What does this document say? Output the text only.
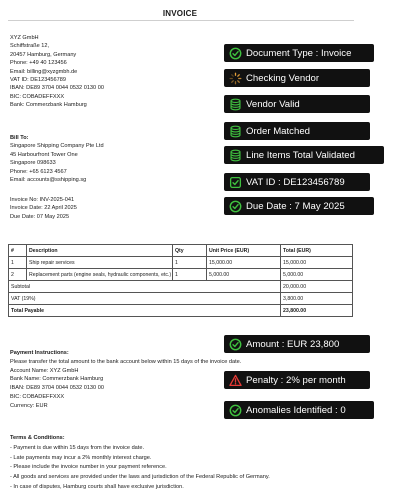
INVOICE
XYZ GmbH
Schiffstraße 12,
20457 Hamburg, Germany
Phone: +49 40 123456
Email: billing@xyzgmbh.de
VAT ID: DE123456789
IBAN: DE89 3704 0044 0532 0130 00
BIC: COBADEFFXXX
Bank: Commerzbank Hamburg
Bill To:
Singapore Shipping Company Pte Ltd
45 Harbourfront Tower One
Singapore 098633
Phone: +65 6123 4567
Email: accounts@sshipping.sg
Invoice No: INV-2025-041
Invoice Date: 22 April 2025
Due Date: 07 May 2025
#	Description	Qty	Unit Price (EUR)	Total (EUR)
1	Ship repair services	1	15,000.00	15,000.00
2	Replacement parts (engine seals, hydraulic components, etc.)	1	5,000.00	5,000.00
Subtotal				20,000.00
VAT (19%)				3,800.00
Total Payable				23,800.00
Payment Instructions:
Please transfer the total amount to the bank account below within 15 days of the invoice date.
Account Name: XYZ GmbH
Bank Name: Commerzbank Hamburg
IBAN: DE89 3704 0044 0532 0130 00
BIC: COBADEFFXXX
Currency: EUR
Terms & Conditions:
- Payment is due within 15 days from the invoice date.
- Late payments may incur a 2% monthly interest charge.
- Please include the invoice number in your payment reference.
- All goods and services are provided under the laws and jurisdiction of the Federal Republic of Germany.
- In case of disputes, Hamburg courts shall have exclusive jurisdiction.
Document Type : Invoice
Checking Vendor
Vendor Valid
Order Matched
Line Items Total Validated
VAT ID : DE123456789
Due Date : 7 May 2025
Amount : EUR 23,800
Penalty : 2% per month
Anomalies Identified : 0
